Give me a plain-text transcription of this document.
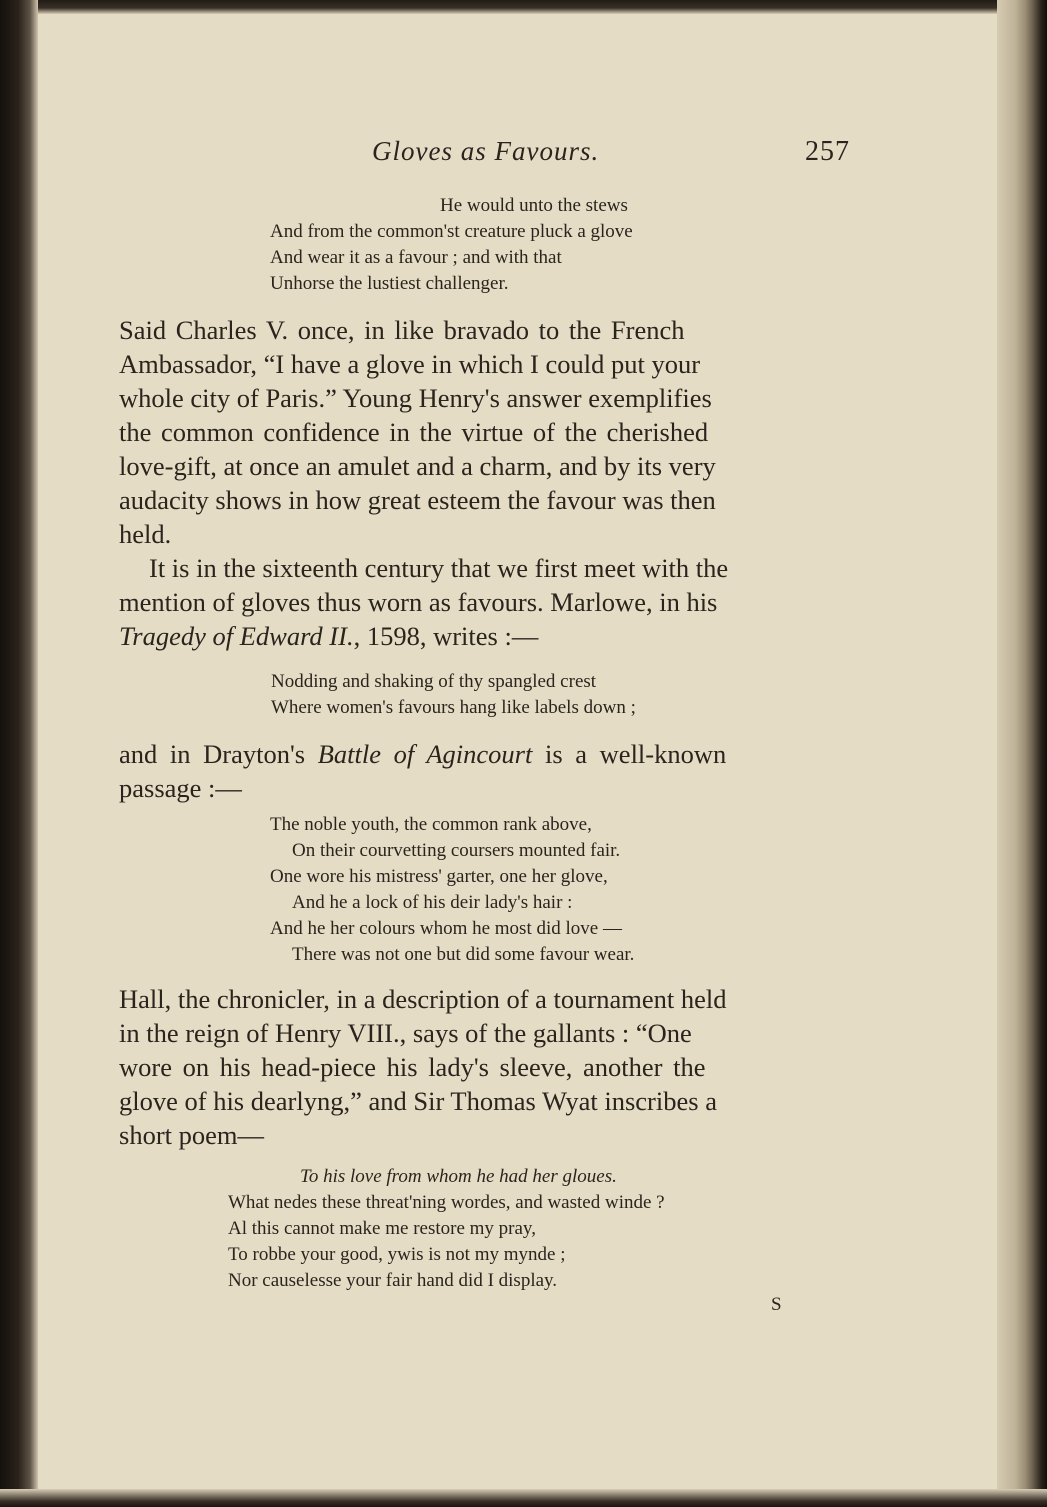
Gloves as Favours.	257
He would unto the stews
And from the common'st creature pluck a glove
And wear it as a favour ; and with that
Unhorse the lustiest challenger.
Said Charles V. once, in like bravado to the French
Ambassador, “I have a glove in which I could put your
whole city of Paris.” Young Henry's answer exemplifies
the common confidence in the virtue of the cherished
love-gift, at once an amulet and a charm, and by its very
audacity shows in how great esteem the favour was then
held.
It is in the sixteenth century that we first meet with the
mention of gloves thus worn as favours. Marlowe, in his
Tragedy of Edward II., 1598, writes :—
Nodding and shaking of thy spangled crest
Where women's favours hang like labels down ;
and in Drayton's Battle of Agincourt is a well-known
passage :—
The noble youth, the common rank above,
On their courvetting coursers mounted fair.
One wore his mistress' garter, one her glove,
And he a lock of his deir lady's hair :
And he her colours whom he most did love —
There was not one but did some favour wear.
Hall, the chronicler, in a description of a tournament held
in the reign of Henry VIII., says of the gallants : “One
wore on his head-piece his lady's sleeve, another the
glove of his dearlyng,” and Sir Thomas Wyat inscribes a
short poem—
To his love from whom he had her gloues.
What nedes these threat'ning wordes, and wasted winde ?
Al this cannot make me restore my pray,
To robbe your good, ywis is not my mynde ;
Nor causelesse your fair hand did I display.
S
